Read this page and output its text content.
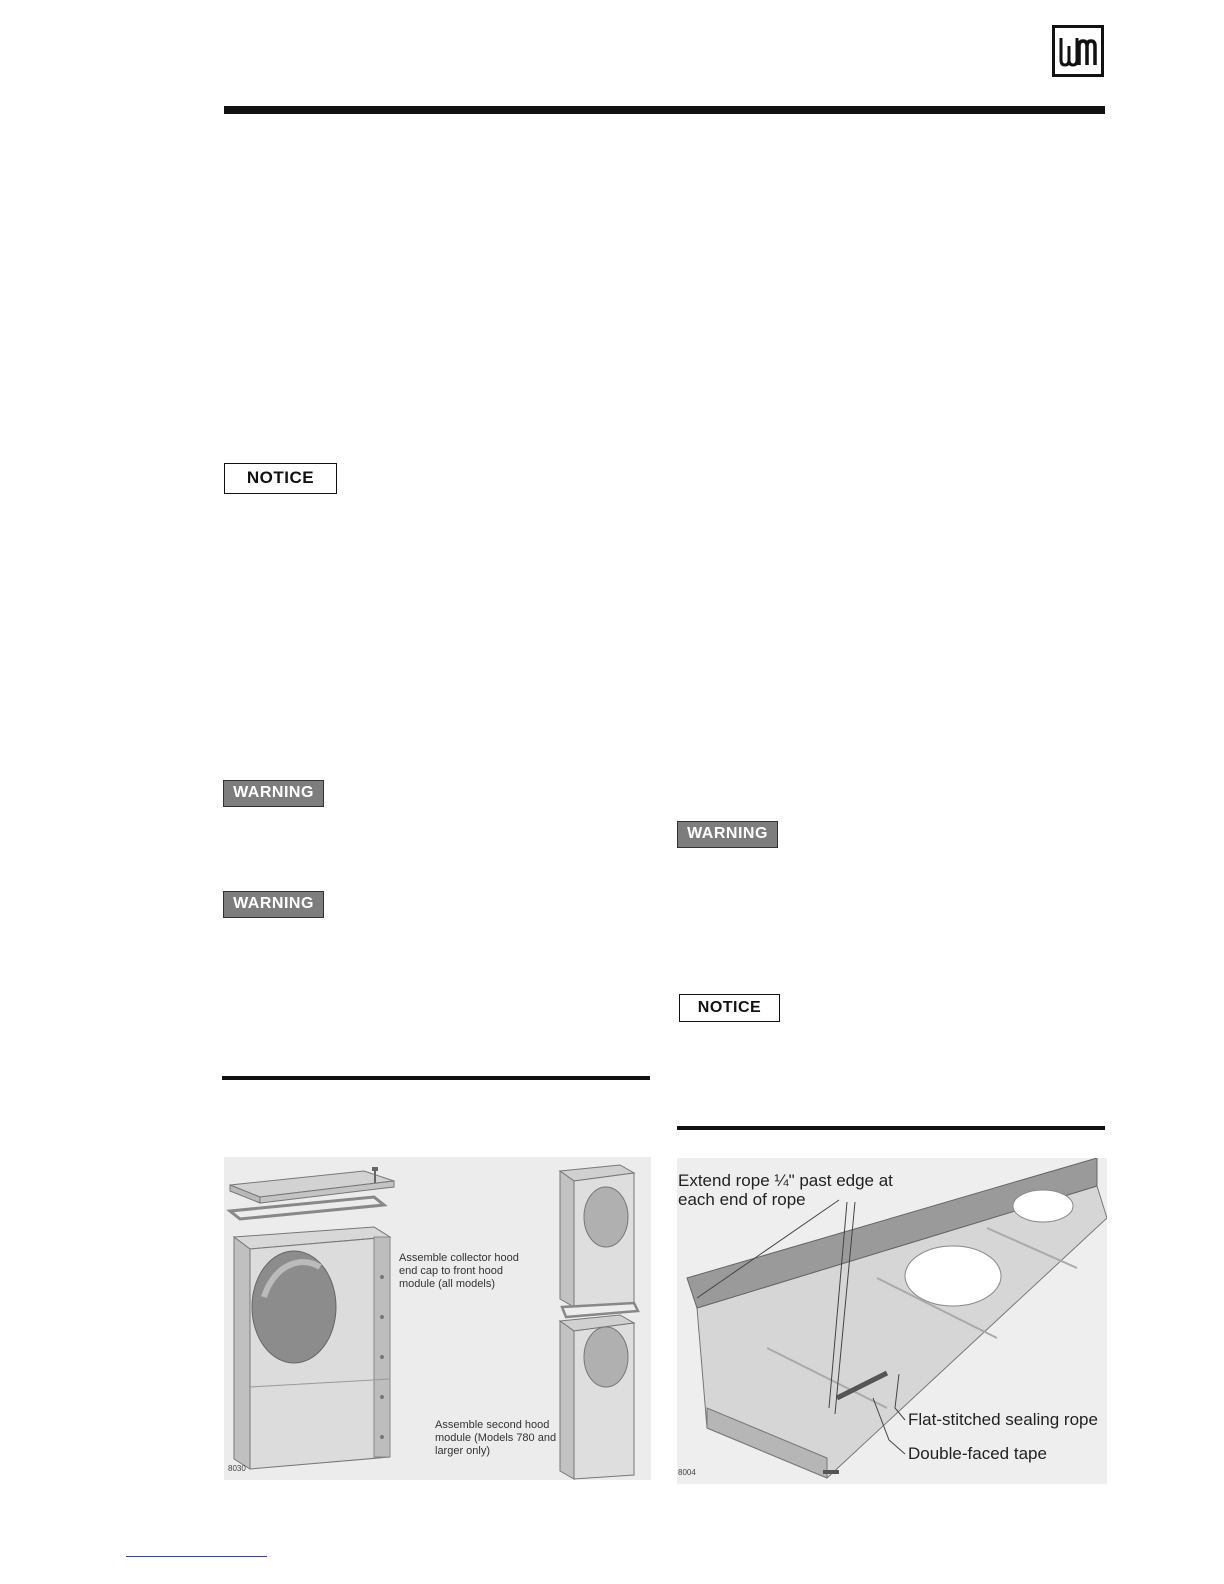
NOTICE
WARNING
WARNING
WARNING
NOTICE
Assemble collector hood end cap to front hood module (all models)
Assemble second hood module (Models 780 and larger only)
8030
Extend rope ¼" past edge at each end of rope
Flat-stitched sealing rope
Double-faced tape
8004
